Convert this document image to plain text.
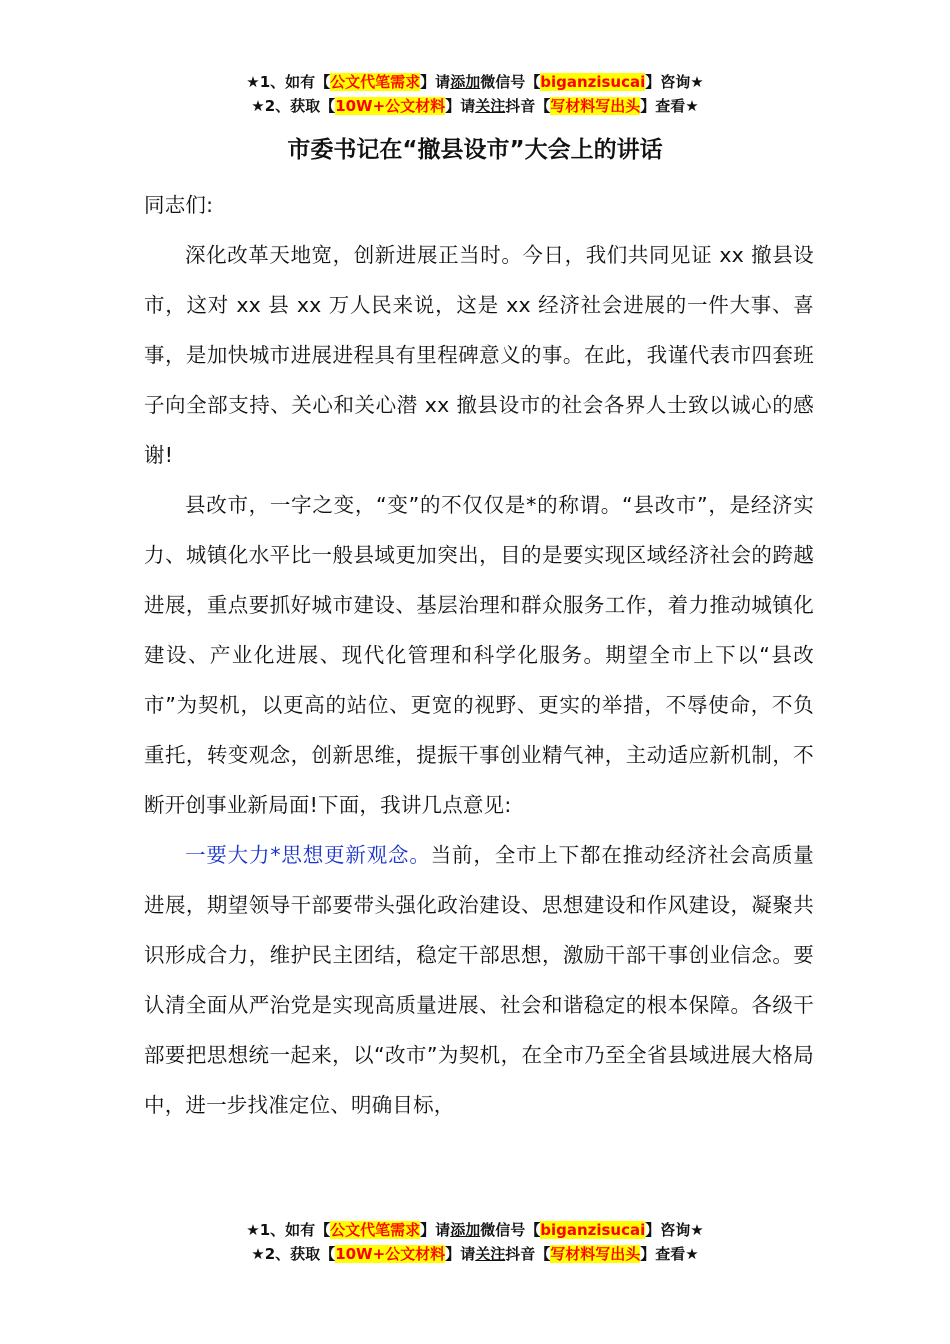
★1、如有【公文代笔需求】请添加微信号【biganzisucai】咨询★
★2、获取【10W+公文材料】请关注抖音【写材料写出头】查看★
市委书记在“撤县设市”大会上的讲话

同志们:

深化改革天地宽，创新进展正当时。今日，我们共同见证 xx 撤县设市，这对 xx 县 xx 万人民来说，这是 xx 经济社会进展的一件大事、喜事，是加快城市进展进程具有里程碑意义的事。在此，我谨代表市四套班子向全部支持、关心和关心潜 xx 撤县设市的社会各界人士致以诚心的感谢!

县改市，一字之变，“变”的不仅仅是*的称谓。“县改市”，是经济实力、城镇化水平比一般县域更加突出，目的是要实现区域经济社会的跨越进展，重点要抓好城市建设、基层治理和群众服务工作，着力推动城镇化建设、产业化进展、现代化管理和科学化服务。期望全市上下以“县改市”为契机，以更高的站位、更宽的视野、更实的举措，不辱使命，不负重托，转变观念，创新思维，提振干事创业精气神，主动适应新机制，不断开创事业新局面!下面，我讲几点意见:

一要大力*思想更新观念。当前，全市上下都在推动经济社会高质量进展，期望领导干部要带头强化政治建设、思想建设和作风建设，凝聚共识形成合力，维护民主团结，稳定干部思想，激励干部干事创业信念。要认清全面从严治党是实现高质量进展、社会和谐稳定的根本保障。各级干部要把思想统一起来，以“改市”为契机，在全市乃至全省县域进展大格局中，进一步找准定位、明确目标，

★1、如有【公文代笔需求】请添加微信号【biganzisucai】咨询★
★2、获取【10W+公文材料】请关注抖音【写材料写出头】查看★
